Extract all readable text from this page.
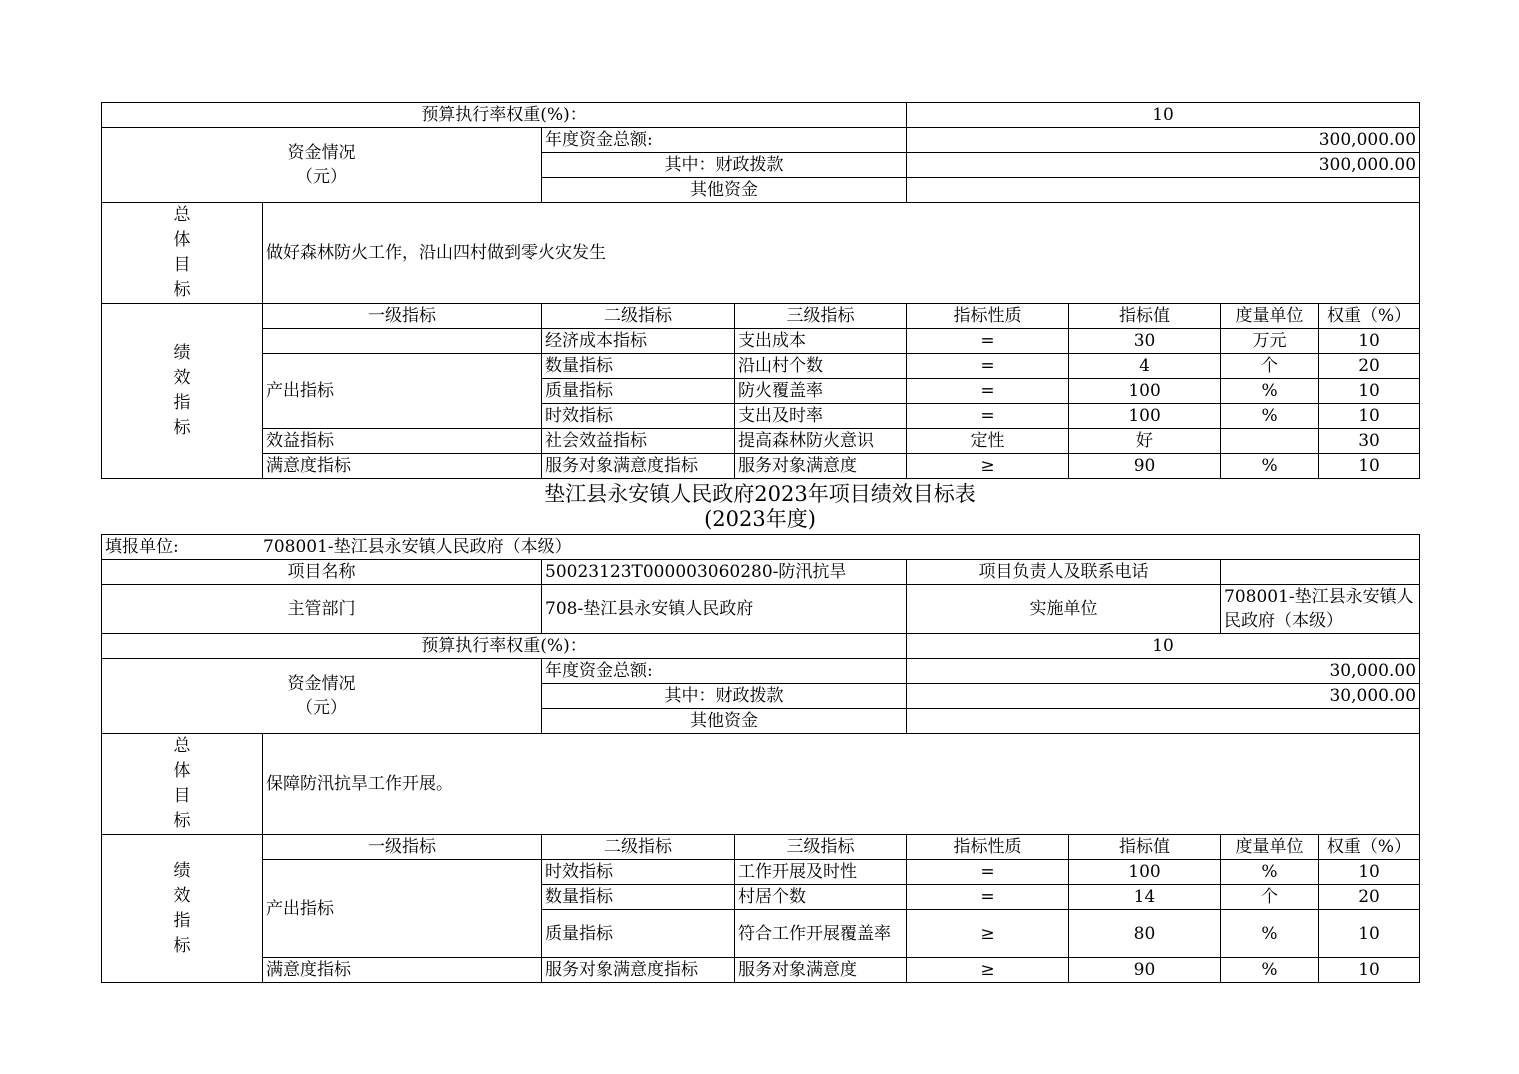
预算执行率权重(%)：				10			
资金情况（元）		年度资金总额:		300,000.00			
		其中：财政拨款		300,000.00			
		其他资金					

总
体
目
标	做好森林防火工作，沿山四村做到零火灾发生						

绩
效
指
标	一级指标	二级指标	三级指标	指标性质	指标值	度量单位	权重（%）
		经济成本指标	支出成本	=	30	万元	10
	产出指标	数量指标	沿山村个数	=	4	个	20
		质量指标	防火覆盖率	=	100	%	10
		时效指标	支出及时率	=	100	%	10
	效益指标	社会效益指标	提高森林防火意识	定性	好		30
	满意度指标	服务对象满意度指标	服务对象满意度	≥	90	%	10
垫江县永安镇人民政府2023年项目绩效目标表
(2023年度)
填报单位: 708001-垫江县永安镇人民政府（本级）							
项目名称		50023123T000003060280-防汛抗旱		项目负责人及联系电话			
主管部门		708-垫江县永安镇人民政府		实施单位		708001-垫江县永安镇人民政府（本级）	
预算执行率权重(%)：				10			
资金情况（元）		年度资金总额:		30,000.00			
		其中：财政拨款		30,000.00			
		其他资金					

总
体
目
标	保障防汛抗旱工作开展。						

绩
效
指
标	一级指标	二级指标	三级指标	指标性质	指标值	度量单位	权重（%）
	产出指标	时效指标	工作开展及时性	=	100	%	10
		数量指标	村居个数	=	14	个	20
		质量指标	符合工作开展覆盖率	≥	80	%	10
	满意度指标	服务对象满意度指标	服务对象满意度	≥	90	%	10
